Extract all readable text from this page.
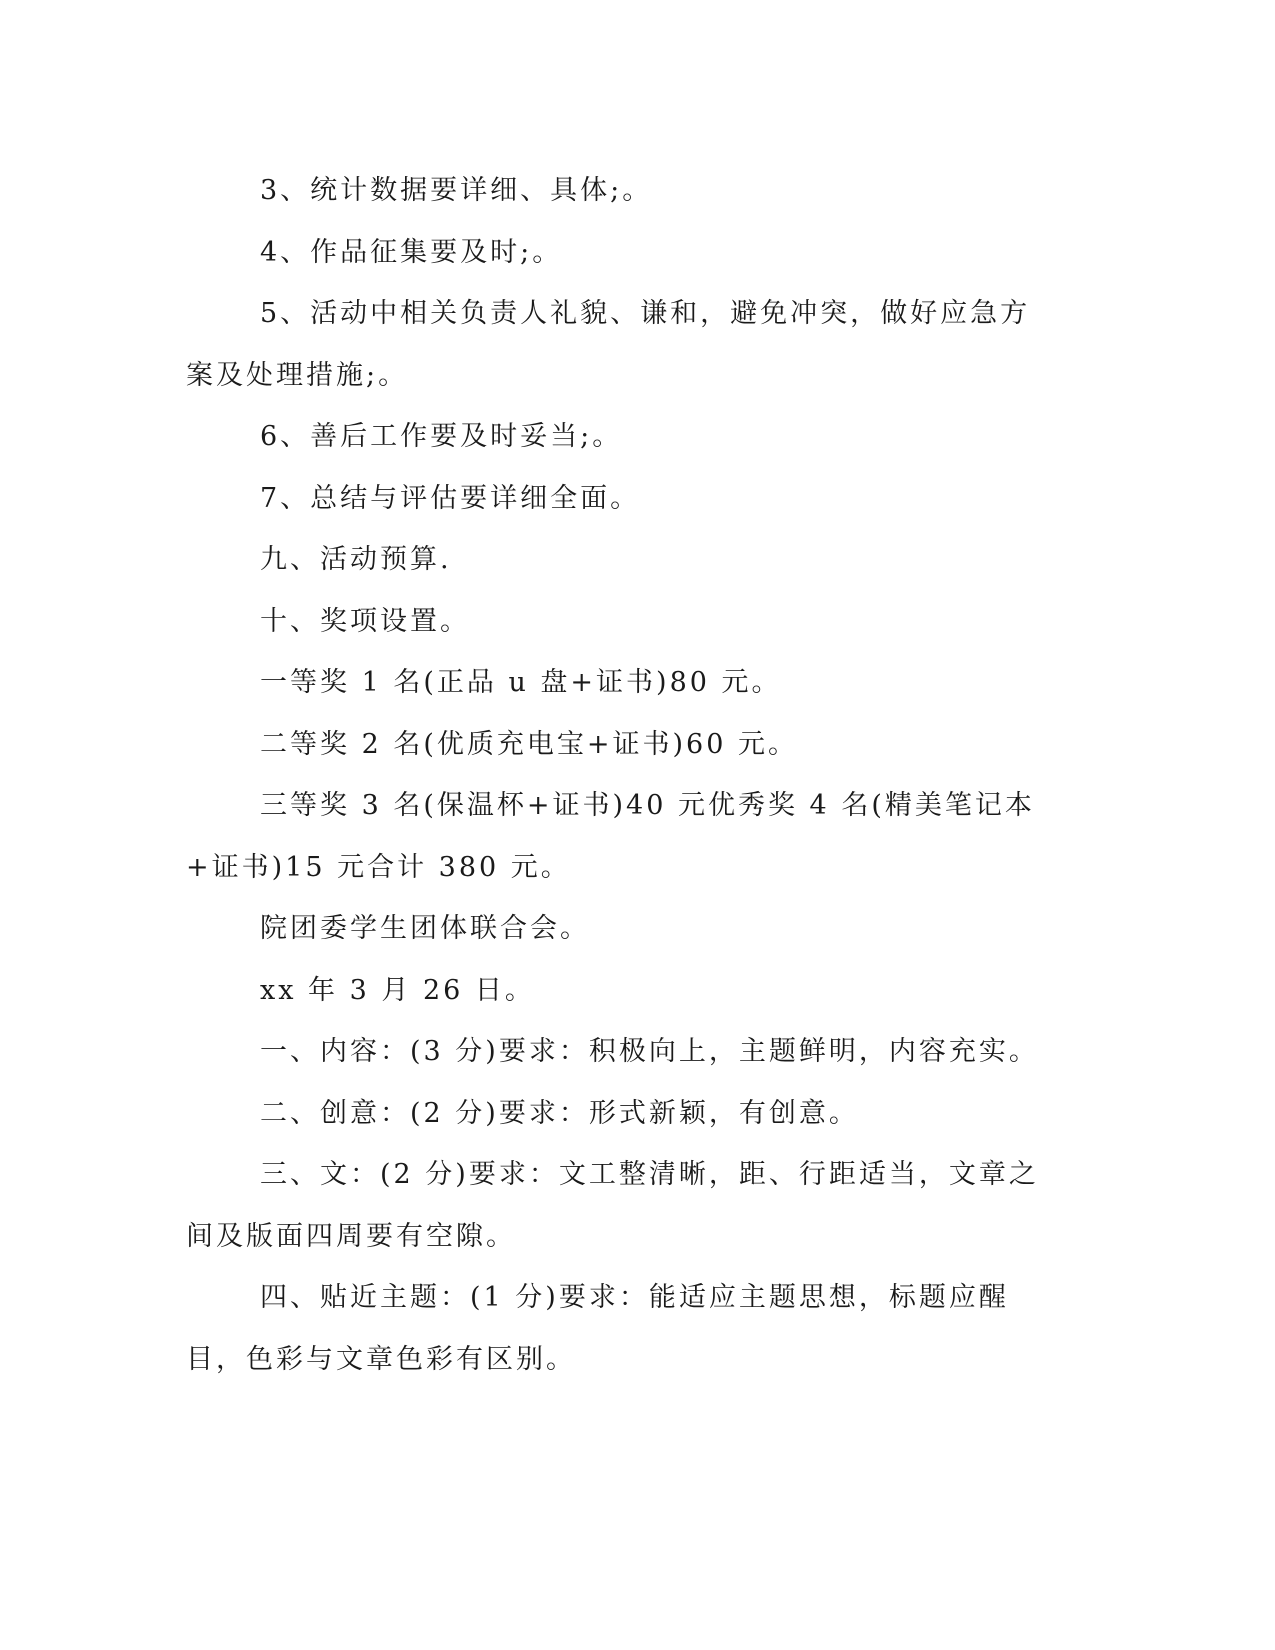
3、统计数据要详细、具体;。

4、作品征集要及时;。

5、活动中相关负责人礼貌、谦和，避免冲突，做好应急方案及处理措施;。

6、善后工作要及时妥当;。

7、总结与评估要详细全面。

九、活动预算.

十、奖项设置。

一等奖 1 名(正品 u 盘+证书)80 元。

二等奖 2 名(优质充电宝+证书)60 元。

三等奖 3 名(保温杯+证书)40 元优秀奖 4 名(精美笔记本+证书)15 元合计 380 元。

院团委学生团体联合会。

xx 年 3 月 26 日。

一、内容：(3 分)要求：积极向上，主题鲜明，内容充实。

二、创意：(2 分)要求：形式新颖，有创意。

三、文：(2 分)要求：文工整清晰，距、行距适当，文章之间及版面四周要有空隙。

四、贴近主题：(1 分)要求：能适应主题思想，标题应醒目，色彩与文章色彩有区别。
